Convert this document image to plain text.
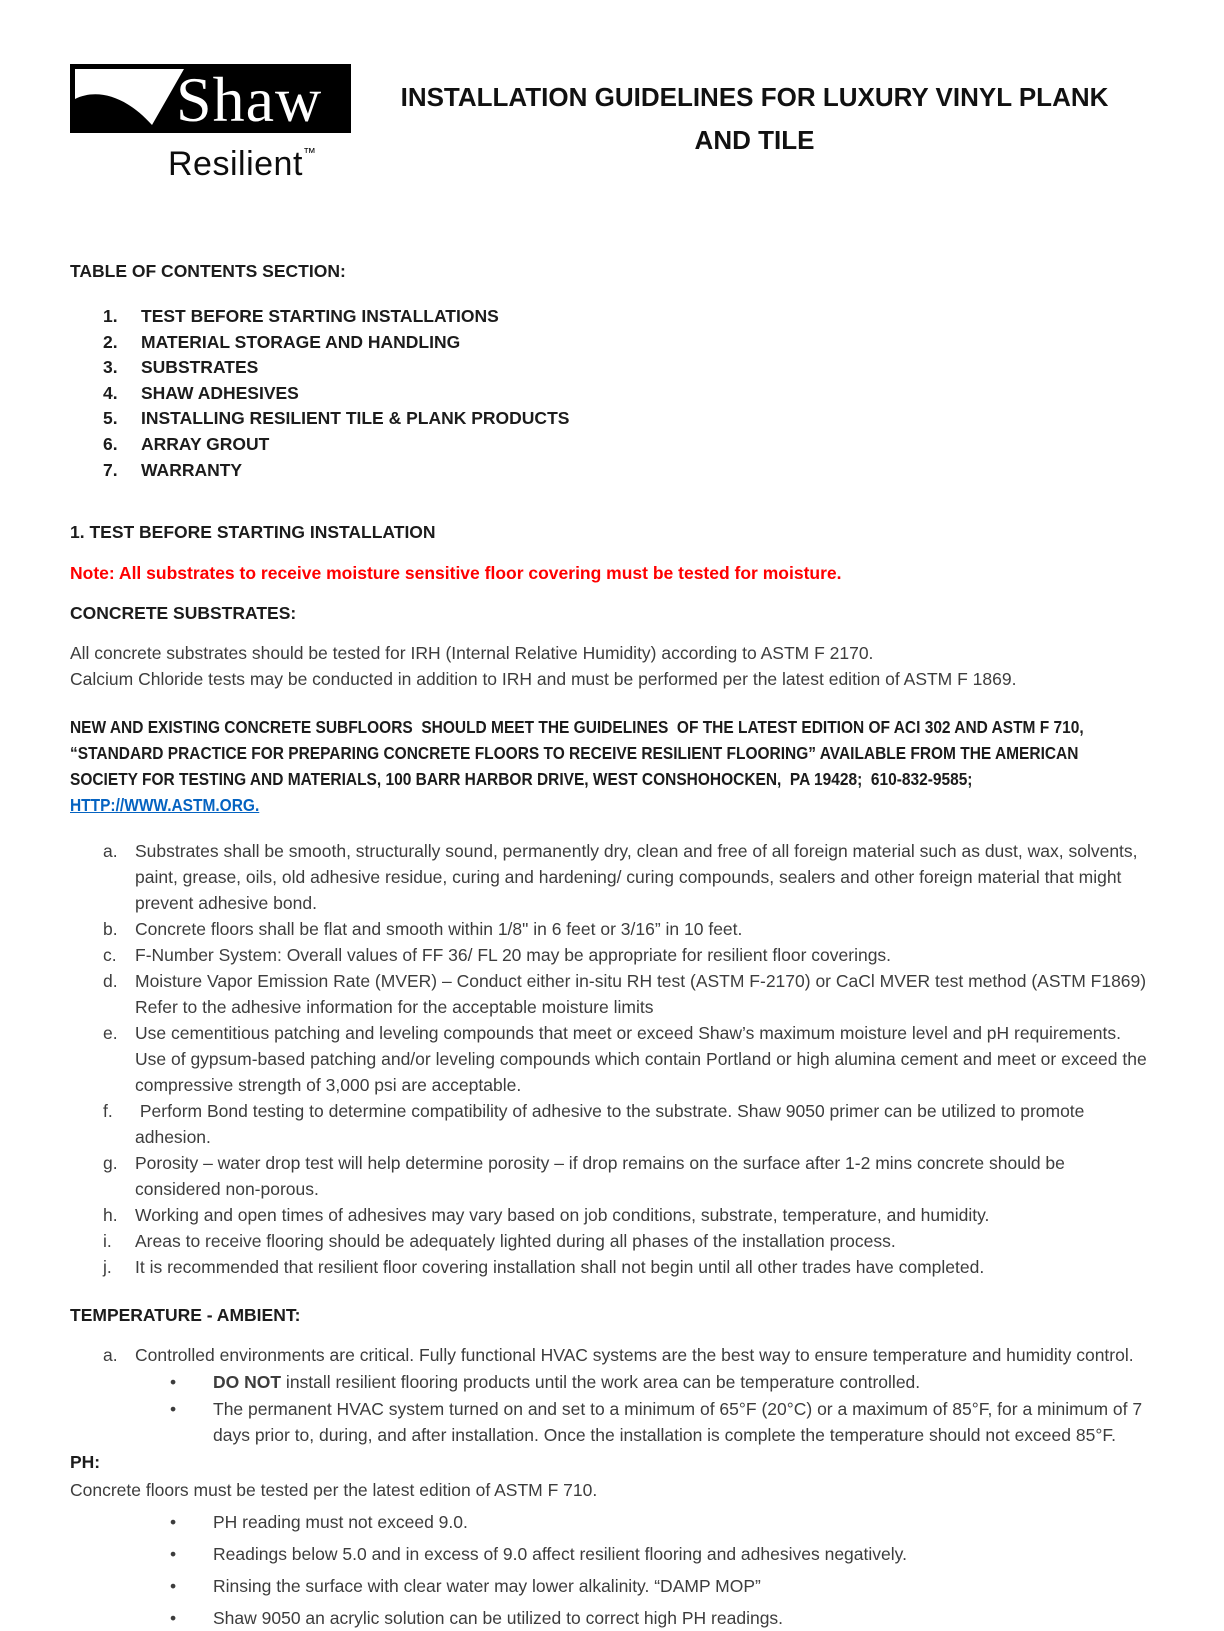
Shaw
Resilient™
INSTALLATION GUIDELINES FOR LUXURY VINYL PLANK AND TILE
TABLE OF CONTENTS SECTION:
1.	TEST BEFORE STARTING INSTALLATIONS
2.	MATERIAL STORAGE AND HANDLING
3.	SUBSTRATES
4.	SHAW ADHESIVES
5.	INSTALLING RESILIENT TILE & PLANK PRODUCTS
6.	ARRAY GROUT
7.	WARRANTY
1. TEST BEFORE STARTING INSTALLATION
Note: All substrates to receive moisture sensitive floor covering must be tested for moisture.
CONCRETE SUBSTRATES:
All concrete substrates should be tested for IRH (Internal Relative Humidity) according to ASTM F 2170.
Calcium Chloride tests may be conducted in addition to IRH and must be performed per the latest edition of ASTM F 1869.
NEW AND EXISTING CONCRETE SUBFLOORS  SHOULD MEET THE GUIDELINES  OF THE LATEST EDITION OF ACI 302 AND ASTM F 710, “STANDARD PRACTICE FOR PREPARING CONCRETE FLOORS TO RECEIVE RESILIENT FLOORING” AVAILABLE FROM THE AMERICAN SOCIETY FOR TESTING AND MATERIALS, 100 BARR HARBOR DRIVE, WEST CONSHOHOCKEN,  PA 19428;  610-832-9585; HTTP://WWW.ASTM.ORG.
a. Substrates shall be smooth, structurally sound, permanently dry, clean and free of all foreign material such as dust, wax, solvents, paint, grease, oils, old adhesive residue, curing and hardening/ curing compounds, sealers and other foreign material that might prevent adhesive bond.
b. Concrete floors shall be flat and smooth within 1/8" in 6 feet or 3/16” in 10 feet.
c.	F-Number System: Overall values of FF 36/ FL 20 may be appropriate for resilient floor coverings.
d. Moisture Vapor Emission Rate (MVER) – Conduct either in-situ RH test (ASTM F-2170) or CaCl MVER test method (ASTM F1869) Refer to the adhesive information for the acceptable moisture limits
e. Use cementitious patching and leveling compounds that meet or exceed Shaw’s maximum moisture level and pH requirements.  Use of gypsum-based patching and/or leveling compounds which contain Portland or high alumina cement and meet or exceed the compressive strength of 3,000 psi are acceptable.
f.	Perform Bond testing to determine compatibility of adhesive to the substrate. Shaw 9050 primer can be utilized to promote adhesion.
g. Porosity – water drop test will help determine porosity – if drop remains on the surface after 1-2 mins concrete should be considered non-porous.
h. Working and open times of adhesives may vary based on job conditions, substrate, temperature, and humidity.
i.	Areas to receive flooring should be adequately lighted during all phases of the installation process.
j.	It is recommended that resilient floor covering installation shall not begin until all other trades have completed.
TEMPERATURE - AMBIENT:
a. Controlled environments are critical. Fully functional HVAC systems are the best way to ensure temperature and humidity control.
•	DO NOT install resilient flooring products until the work area can be temperature controlled.
•	The permanent HVAC system turned on and set to a minimum of 65°F (20°C) or a maximum of 85°F, for a minimum of 7 days prior to, during, and after installation. Once the installation is complete the temperature should not exceed 85°F.
PH:
Concrete floors must be tested per the latest edition of ASTM F 710.
•	PH reading must not exceed 9.0.
•	Readings below 5.0 and in excess of 9.0 affect resilient flooring and adhesives negatively.
•	Rinsing the surface with clear water may lower alkalinity. “DAMP MOP”
•	Shaw 9050 an acrylic solution can be utilized to correct high PH readings.
